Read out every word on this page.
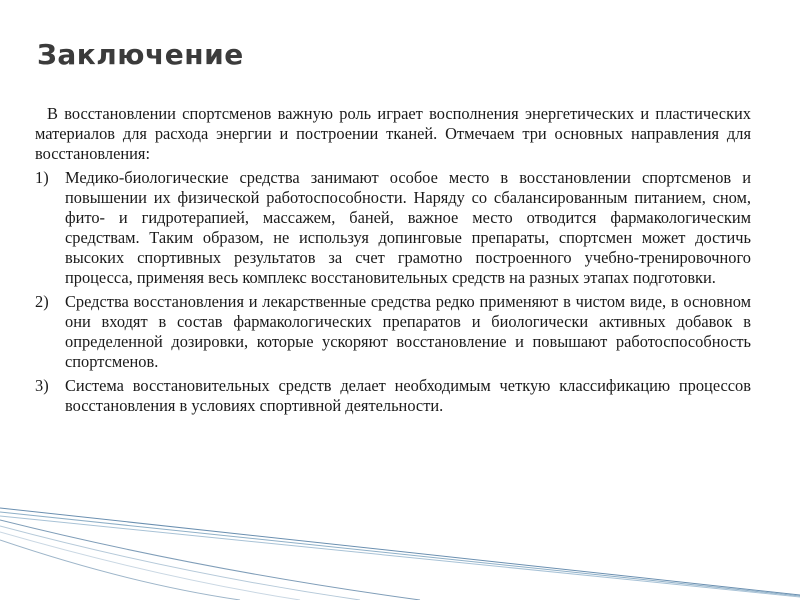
Заключение

В восстановлении спортсменов важную роль играет восполнения энергетических и пластических материалов для расхода энергии и построении тканей. Отмечаем три основных направления для восстановления:

1) Медико-биологические средства занимают особое место в восстановлении спортсменов и повышении их физической работоспособности. Наряду со сбалансированным питанием, сном, фито- и гидротерапией, массажем, баней, важное место отводится фармакологическим средствам. Таким образом, не используя допинговые препараты, спортсмен может достичь высоких спортивных результатов за счет грамотно построенного учебно-тренировочного процесса, применяя весь комплекс восстановительных средств на разных этапах подготовки.

2) Средства восстановления и лекарственные средства редко применяют в чистом виде, в основном они входят в состав фармакологических препаратов и биологически активных добавок в определенной дозировки, которые ускоряют восстановление и повышают работоспособность спортсменов.

3) Система восстановительных средств делает необходимым четкую классификацию процессов восстановления в условиях спортивной деятельности.
